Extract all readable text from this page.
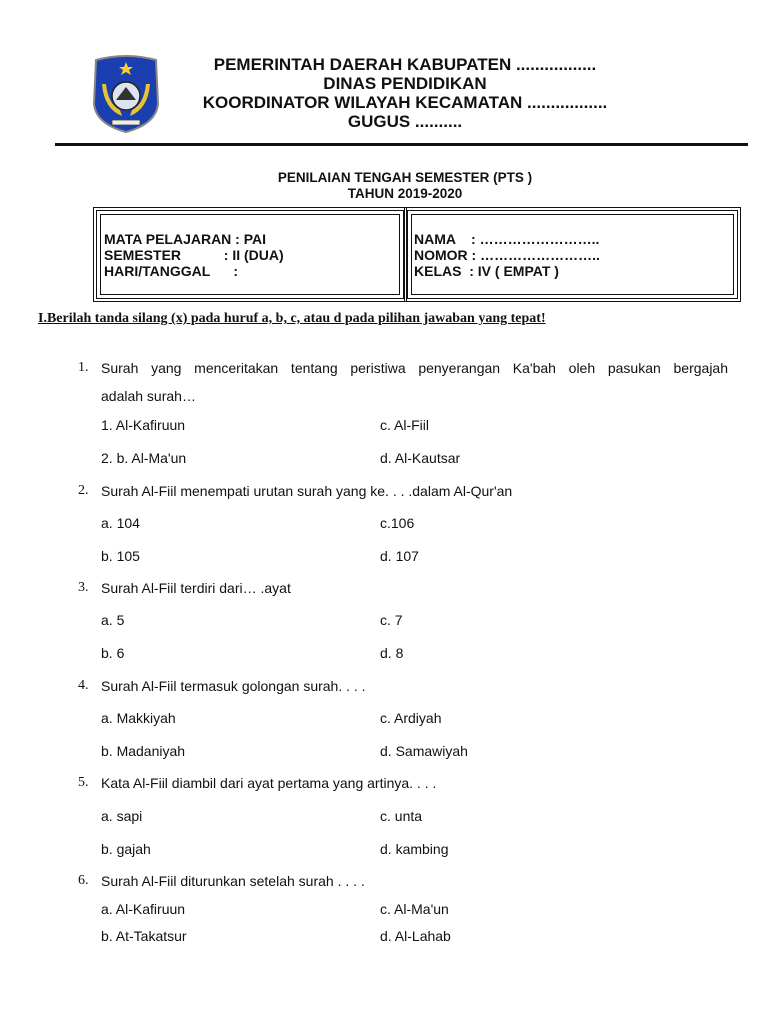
PEMERINTAH DAERAH KABUPATEN .................
DINAS PENDIDIKAN
KOORDINATOR WILAYAH KECAMATAN .................
GUGUS ..........
PENILAIAN TENGAH SEMESTER (PTS )
TAHUN 2019-2020
MATA PELAJARAN : PAI
SEMESTER           : II (DUA)
HARI/TANGGAL      :
NAMA    : ……………………..
NOMOR : ……………………..
KELAS  : IV ( EMPAT )
I.Berilah tanda silang (x) pada huruf a, b, c, atau d pada pilihan jawaban yang tepat!
1. Surah yang menceritakan tentang peristiwa penyerangan Ka'bah oleh pasukan bergajah
adalah surah…
1. Al-Kafiruun	c. Al-Fiil
2. b. Al-Ma'un	d. Al-Kautsar
2. Surah Al-Fiil menempati urutan surah yang ke. . . .dalam Al-Qur'an
a. 104	c.106
b. 105	d. 107
3. Surah Al-Fiil terdiri dari… .ayat
a. 5	c. 7
b. 6	d. 8
4. Surah Al-Fiil termasuk golongan surah. . . .
a. Makkiyah	c. Ardiyah
b. Madaniyah	d. Samawiyah
5. Kata Al-Fiil diambil dari ayat pertama yang artinya. . . .
a. sapi	c. unta
b. gajah	d. kambing
6. Surah Al-Fiil diturunkan setelah surah . . . .
a. Al-Kafiruun	c. Al-Ma'un
b. At-Takatsur	d. Al-Lahab
